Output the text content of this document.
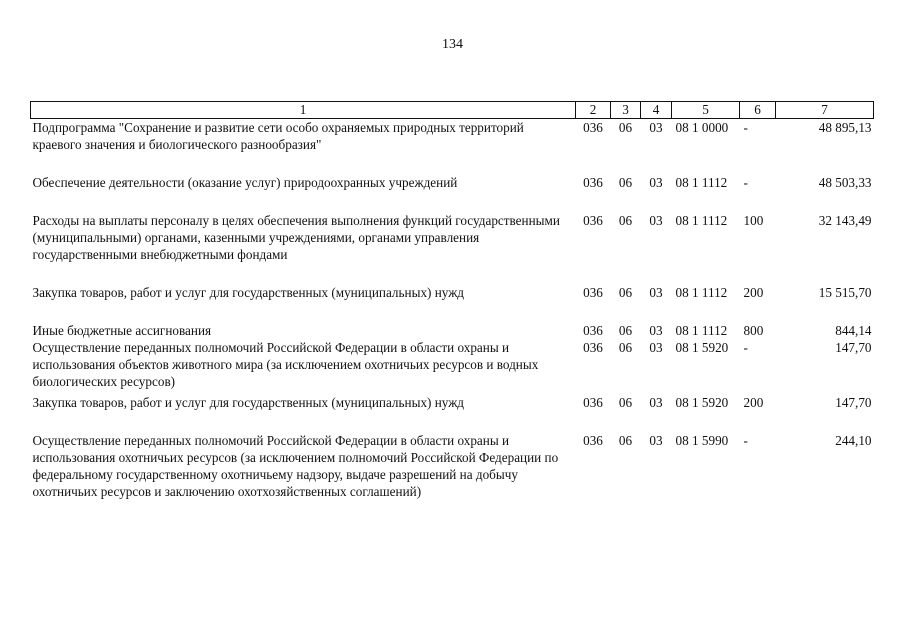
134
1	2	3	4	5	6	7
Подпрограмма "Сохранение и развитие сети особо охраняемых природных территорий краевого значения и биологического разнообразия"	036	06	03	08 1 0000	-	48 895,13
Обеспечение деятельности (оказание услуг) природоохранных учреждений	036	06	03	08 1 1112	-	48 503,33
Расходы на выплаты персоналу в целях обеспечения выполнения функций государственными (муниципальными) органами, казенными учреждениями, органами управления государственными внебюджетными фондами	036	06	03	08 1 1112	100	32 143,49
Закупка товаров, работ и услуг для государственных (муниципальных) нужд	036	06	03	08 1 1112	200	15 515,70
Иные бюджетные ассигнования	036	06	03	08 1 1112	800	844,14
Осуществление переданных полномочий Российской Федерации в области охраны и использования объектов животного мира (за исключением охотничьих ресурсов и водных биологических ресурсов)	036	06	03	08 1 5920	-	147,70
Закупка товаров, работ и услуг для государственных (муниципальных) нужд	036	06	03	08 1 5920	200	147,70
Осуществление переданных полномочий Российской Федерации в области охраны и использования охотничьих ресурсов (за исключением полномочий Российской Федерации по федеральному государственному охотничьему надзору, выдаче разрешений на добычу охотничьих ресурсов и заключению охотхозяйственных соглашений)	036	06	03	08 1 5990	-	244,10
